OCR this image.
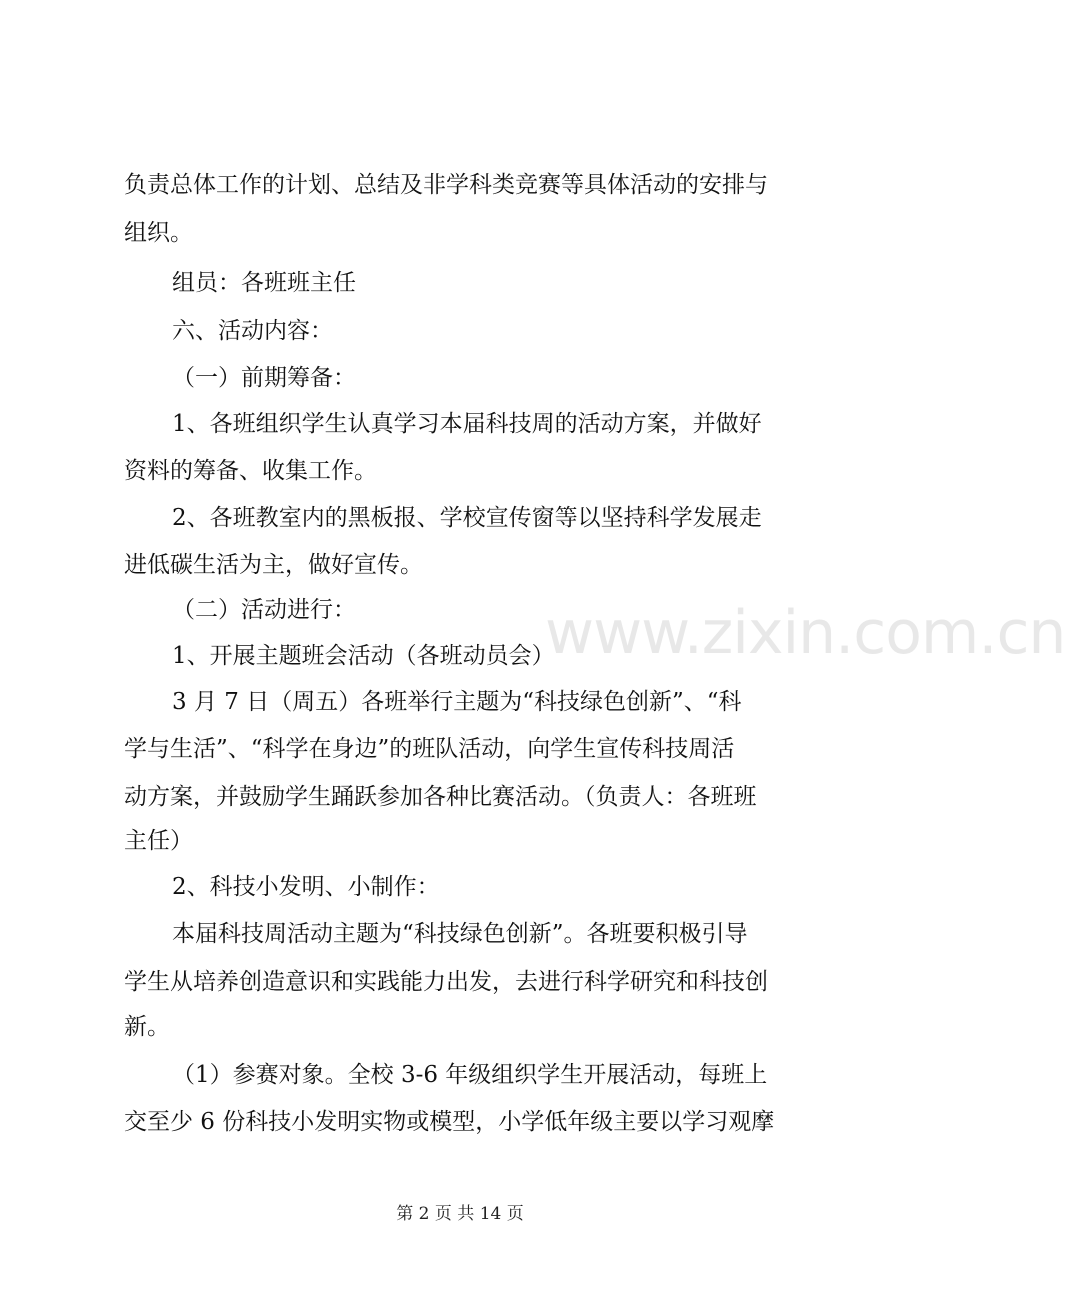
负责总体工作的计划、总结及非学科类竞赛等具体活动的安排与
组织。
组员：各班班主任
六、活动内容：
（一）前期筹备：
1、各班组织学生认真学习本届科技周的活动方案，并做好
资料的筹备、收集工作。
2、各班教室内的黑板报、学校宣传窗等以坚持科学发展走
进低碳生活为主，做好宣传。
（二）活动进行：
1、开展主题班会活动（各班动员会）
3 月 7 日（周五）各班举行主题为“科技绿色创新”、“科
学与生活”、“科学在身边”的班队活动，向学生宣传科技周活
动方案，并鼓励学生踊跃参加各种比赛活动。（负责人：各班班
主任）
2、科技小发明、小制作：
本届科技周活动主题为“科技绿色创新”。各班要积极引导
学生从培养创造意识和实践能力出发，去进行科学研究和科技创
新。
（1）参赛对象。全校 3-6 年级组织学生开展活动，每班上
交至少 6 份科技小发明实物或模型，小学低年级主要以学习观摩
www.zixin.com.cn
第 2 页 共 14 页
